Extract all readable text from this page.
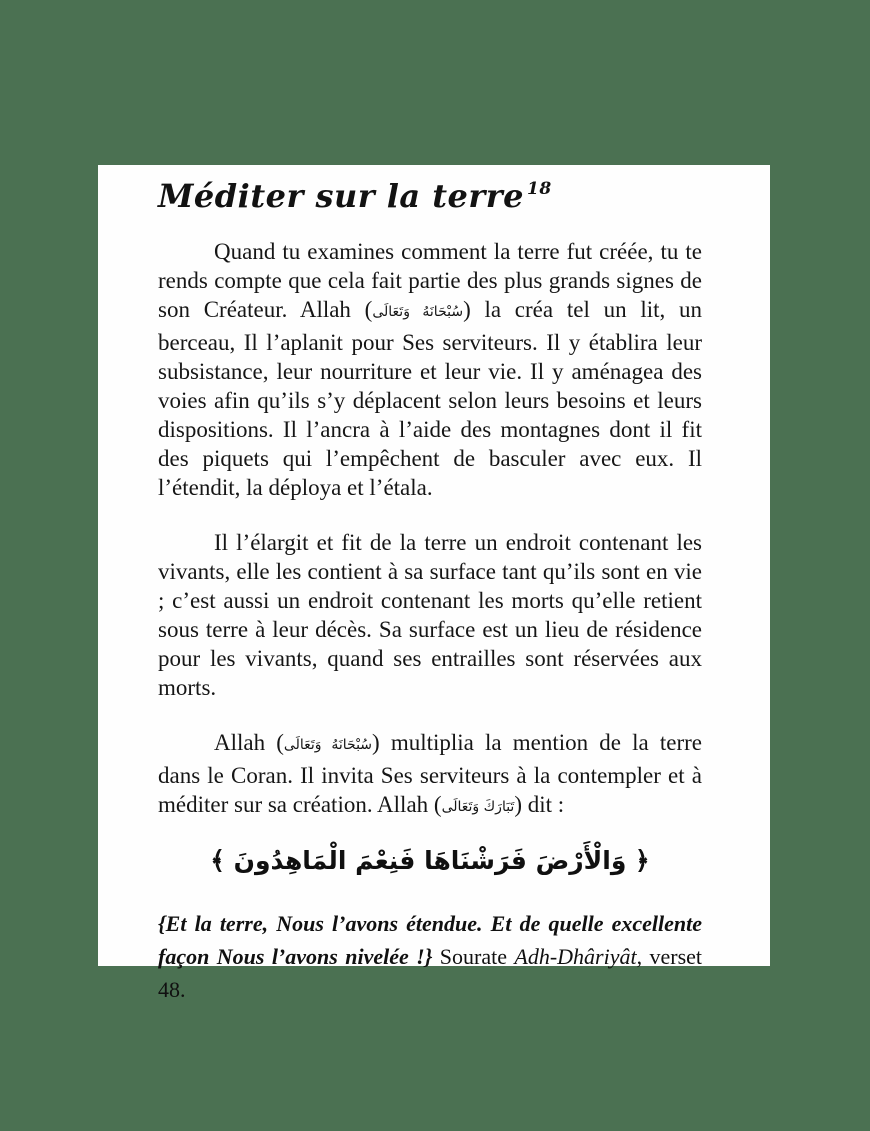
Méditer sur la terre $^{18}$

Quand tu examines comment la terre fut créée, tu te rends compte que cela fait partie des plus grands signes de son Créateur. Allah (سُبْحَانَهُ وَتَعَالَى) la créa tel un lit, un berceau, Il l’aplanit pour Ses serviteurs. Il y établira leur subsistance, leur nourriture et leur vie. Il y aménagea des voies afin qu’ils s’y déplacent selon leurs besoins et leurs dispositions. Il l’ancra à l’aide des montagnes dont il fit des piquets qui l’empêchent de basculer avec eux. Il l’étendit, la déploya et l’étala.

Il l’élargit et fit de la terre un endroit contenant les vivants, elle les contient à sa surface tant qu’ils sont en vie ; c’est aussi un endroit contenant les morts qu’elle retient sous terre à leur décès. Sa surface est un lieu de résidence pour les vivants, quand ses entrailles sont réservées aux morts.

Allah (سُبْحَانَهُ وَتَعَالَى) multiplia la mention de la terre dans le Coran. Il invita Ses serviteurs à la contempler et à méditer sur sa création. Allah (تَبَارَكَ وَتَعَالَى) dit :

﴿ وَالْأَرْضَ فَرَشْنَاهَا فَنِعْمَ الْمَاهِدُونَ ﴾

{Et la terre, Nous l’avons étendue. Et de quelle excellente façon Nous l’avons nivelée !} Sourate Adh-Dhâriyât, verset 48.
